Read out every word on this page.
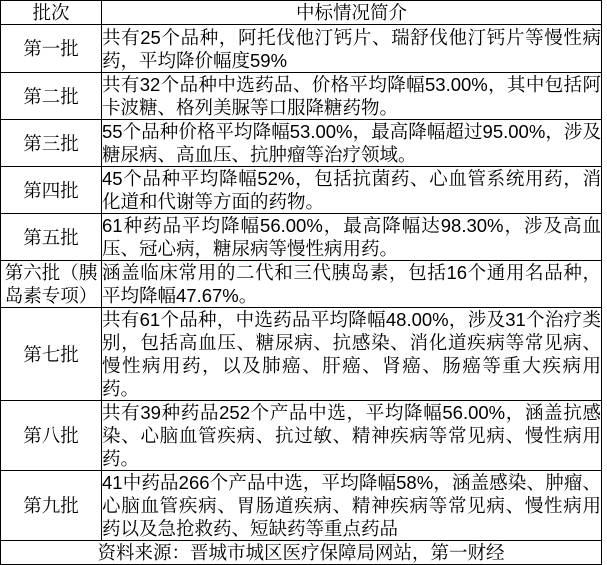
批次	中标情况简介
第一批	共有25个品种，阿托伐他汀钙片、瑞舒伐他汀钙片等慢性病药，平均降价幅度59%
第二批	共有32个品种中选药品、价格平均降幅53.00%，其中包括阿卡波糖、格列美脲等口服降糖药物。
第三批	55个品种价格平均降幅53.00%，最高降幅超过95.00%，涉及糖尿病、高血压、抗肿瘤等治疗领域。
第四批	45个品种平均降幅52%，包括抗菌药、心血管系统用药，消化道和代谢等方面的药物。
第五批	61种药品平均降幅56.00%，最高降幅达98.30%，涉及高血压、冠心病，糖尿病等慢性病用药。
第六批（胰岛素专项）	涵盖临床常用的二代和三代胰岛素，包括16个通用名品种，平均降幅47.67%。
第七批	共有61个品种，中选药品平均降幅48.00%，涉及31个治疗类别，包括高血压、糖尿病、抗感染、消化道疾病等常见病、慢性病用药，以及肺癌、肝癌、肾癌、肠癌等重大疾病用药。
第八批	共有39种药品252个产品中选，平均降幅56.00%，涵盖抗感染、心脑血管疾病、抗过敏、精神疾病等常见病、慢性病用药。
第九批	41中药品266个产品中选，平均降幅58%，涵盖感染、肿瘤、心脑血管疾病、胃肠道疾病、精神疾病等常见病、慢性病用药以及急抢救药、短缺药等重点药品
资料来源：晋城市城区医疗保障局网站，第一财经	
